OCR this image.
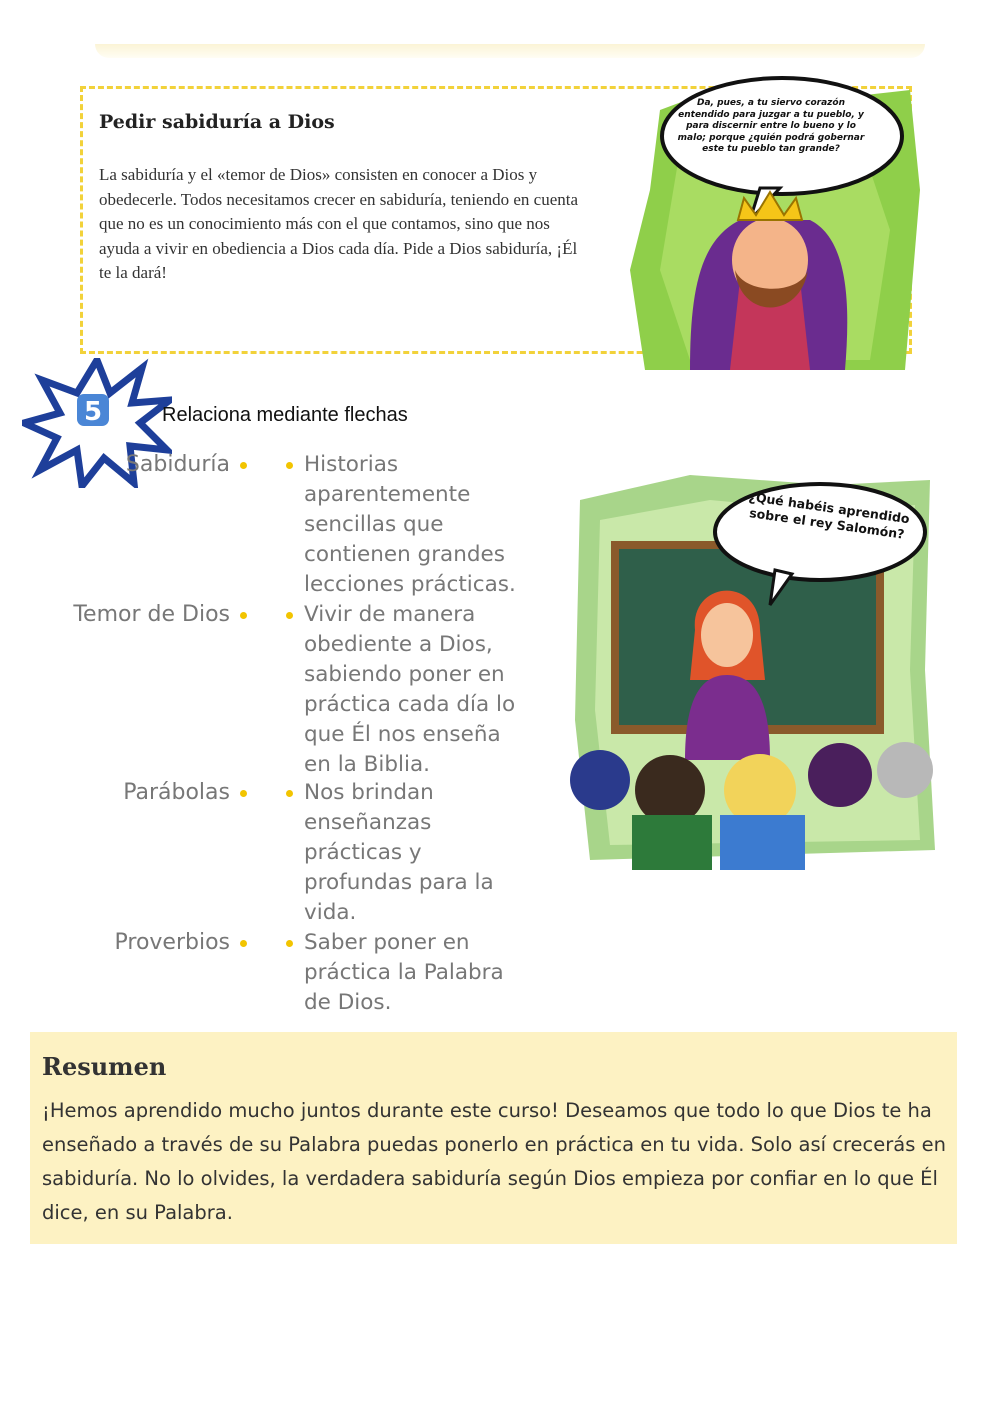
Pedir sabiduría a Dios
La sabiduría y el «temor de Dios» consisten en conocer a Dios y obedecerle. Todos necesitamos crecer en sabiduría, teniendo en cuenta que no es un conocimiento más con el que contamos, sino que nos ayuda a vivir en obediencia a Dios cada día. Pide a Dios sabiduría, ¡Él te la dará!
Da, pues, a tu siervo corazón entendido para juzgar a tu pueblo, y para discernir entre lo bueno y lo malo; porque ¿quién podrá gobernar este tu pueblo tan grande?
5	Relaciona mediante flechas
Sabiduría
Temor de Dios
Parábolas
Proverbios
Historias aparentemente sencillas que contienen grandes lecciones prácticas.
Vivir de manera obediente a Dios, sabiendo poner en práctica cada día lo que Él nos enseña en la Biblia.
Nos brindan enseñanzas prácticas y profundas para la vida.
Saber poner en práctica la Palabra de Dios.
¿Qué habéis aprendido sobre el rey Salomón?
Resumen
¡Hemos aprendido mucho juntos durante este curso! Deseamos que todo lo que Dios te ha enseñado a través de su Palabra puedas ponerlo en práctica en tu vida. Solo así crecerás en sabiduría. No lo olvides, la verdadera sabiduría según Dios empieza por confiar en lo que Él dice, en su Palabra.
